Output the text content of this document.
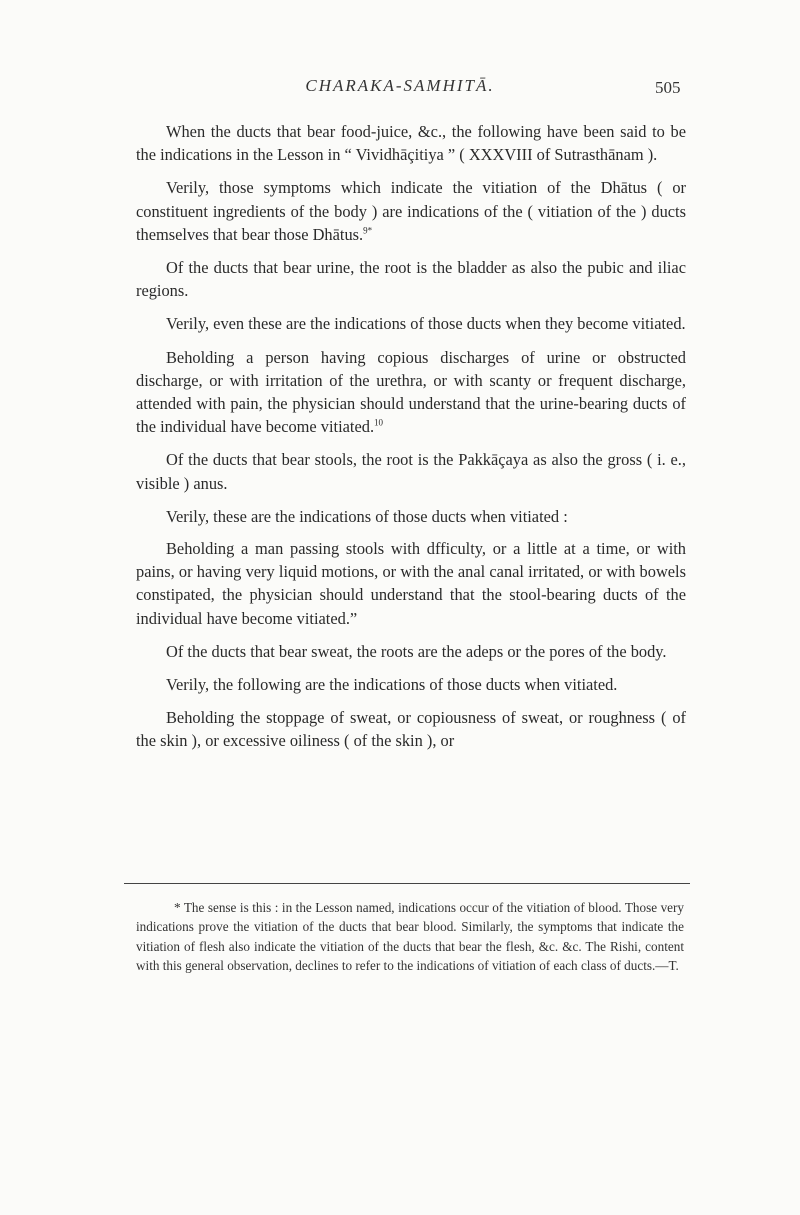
CHARAKA-SAMHITĀ.	505

When the ducts that bear food-juice, &c., the following have been said to be the indications in the Lesson in “ Vividhāçitiya ” ( XXXVIII of Sutrasthānam ).

Verily, those symptoms which indicate the vitiation of the Dhātus ( or constituent ingredients of the body ) are indications of the ( vitiation of the ) ducts themselves that bear those Dhātus.$^{9*}$

Of the ducts that bear urine, the root is the bladder as also the pubic and iliac regions.

Verily, even these are the indications of those ducts when they become vitiated.

Beholding a person having copious discharges of urine or obstructed discharge, or with irritation of the urethra, or with scanty or frequent discharge, attended with pain, the physician should understand that the urine-bearing ducts of the individual have become vitiated.$^{10}$

Of the ducts that bear stools, the root is the Pakkāçaya as also the gross ( i. e., visible ) anus.

Verily, these are the indications of those ducts when vitiated :

Beholding a man passing stools with dfficulty, or a little at a time, or with pains, or having very liquid motions, or with the anal canal irritated, or with bowels constipated, the physician should understand that the stool-bearing ducts of the individual have become vitiated.”

Of the ducts that bear sweat, the roots are the adeps or the pores of the body.

Verily, the following are the indications of those ducts when vitiated.

Beholding the stoppage of sweat, or copiousness of sweat, or roughness ( of the skin ), or excessive oiliness ( of the skin ), or

* The sense is this : in the Lesson named, indications occur of the vitiation of blood. Those very indications prove the vitiation of the ducts that bear blood. Similarly, the symptoms that indicate the vitiation of flesh also indicate the vitiation of the ducts that bear the flesh, &c. &c. The Rishi, content with this general observation, declines to refer to the indications of vitiation of each class of ducts.—T.
